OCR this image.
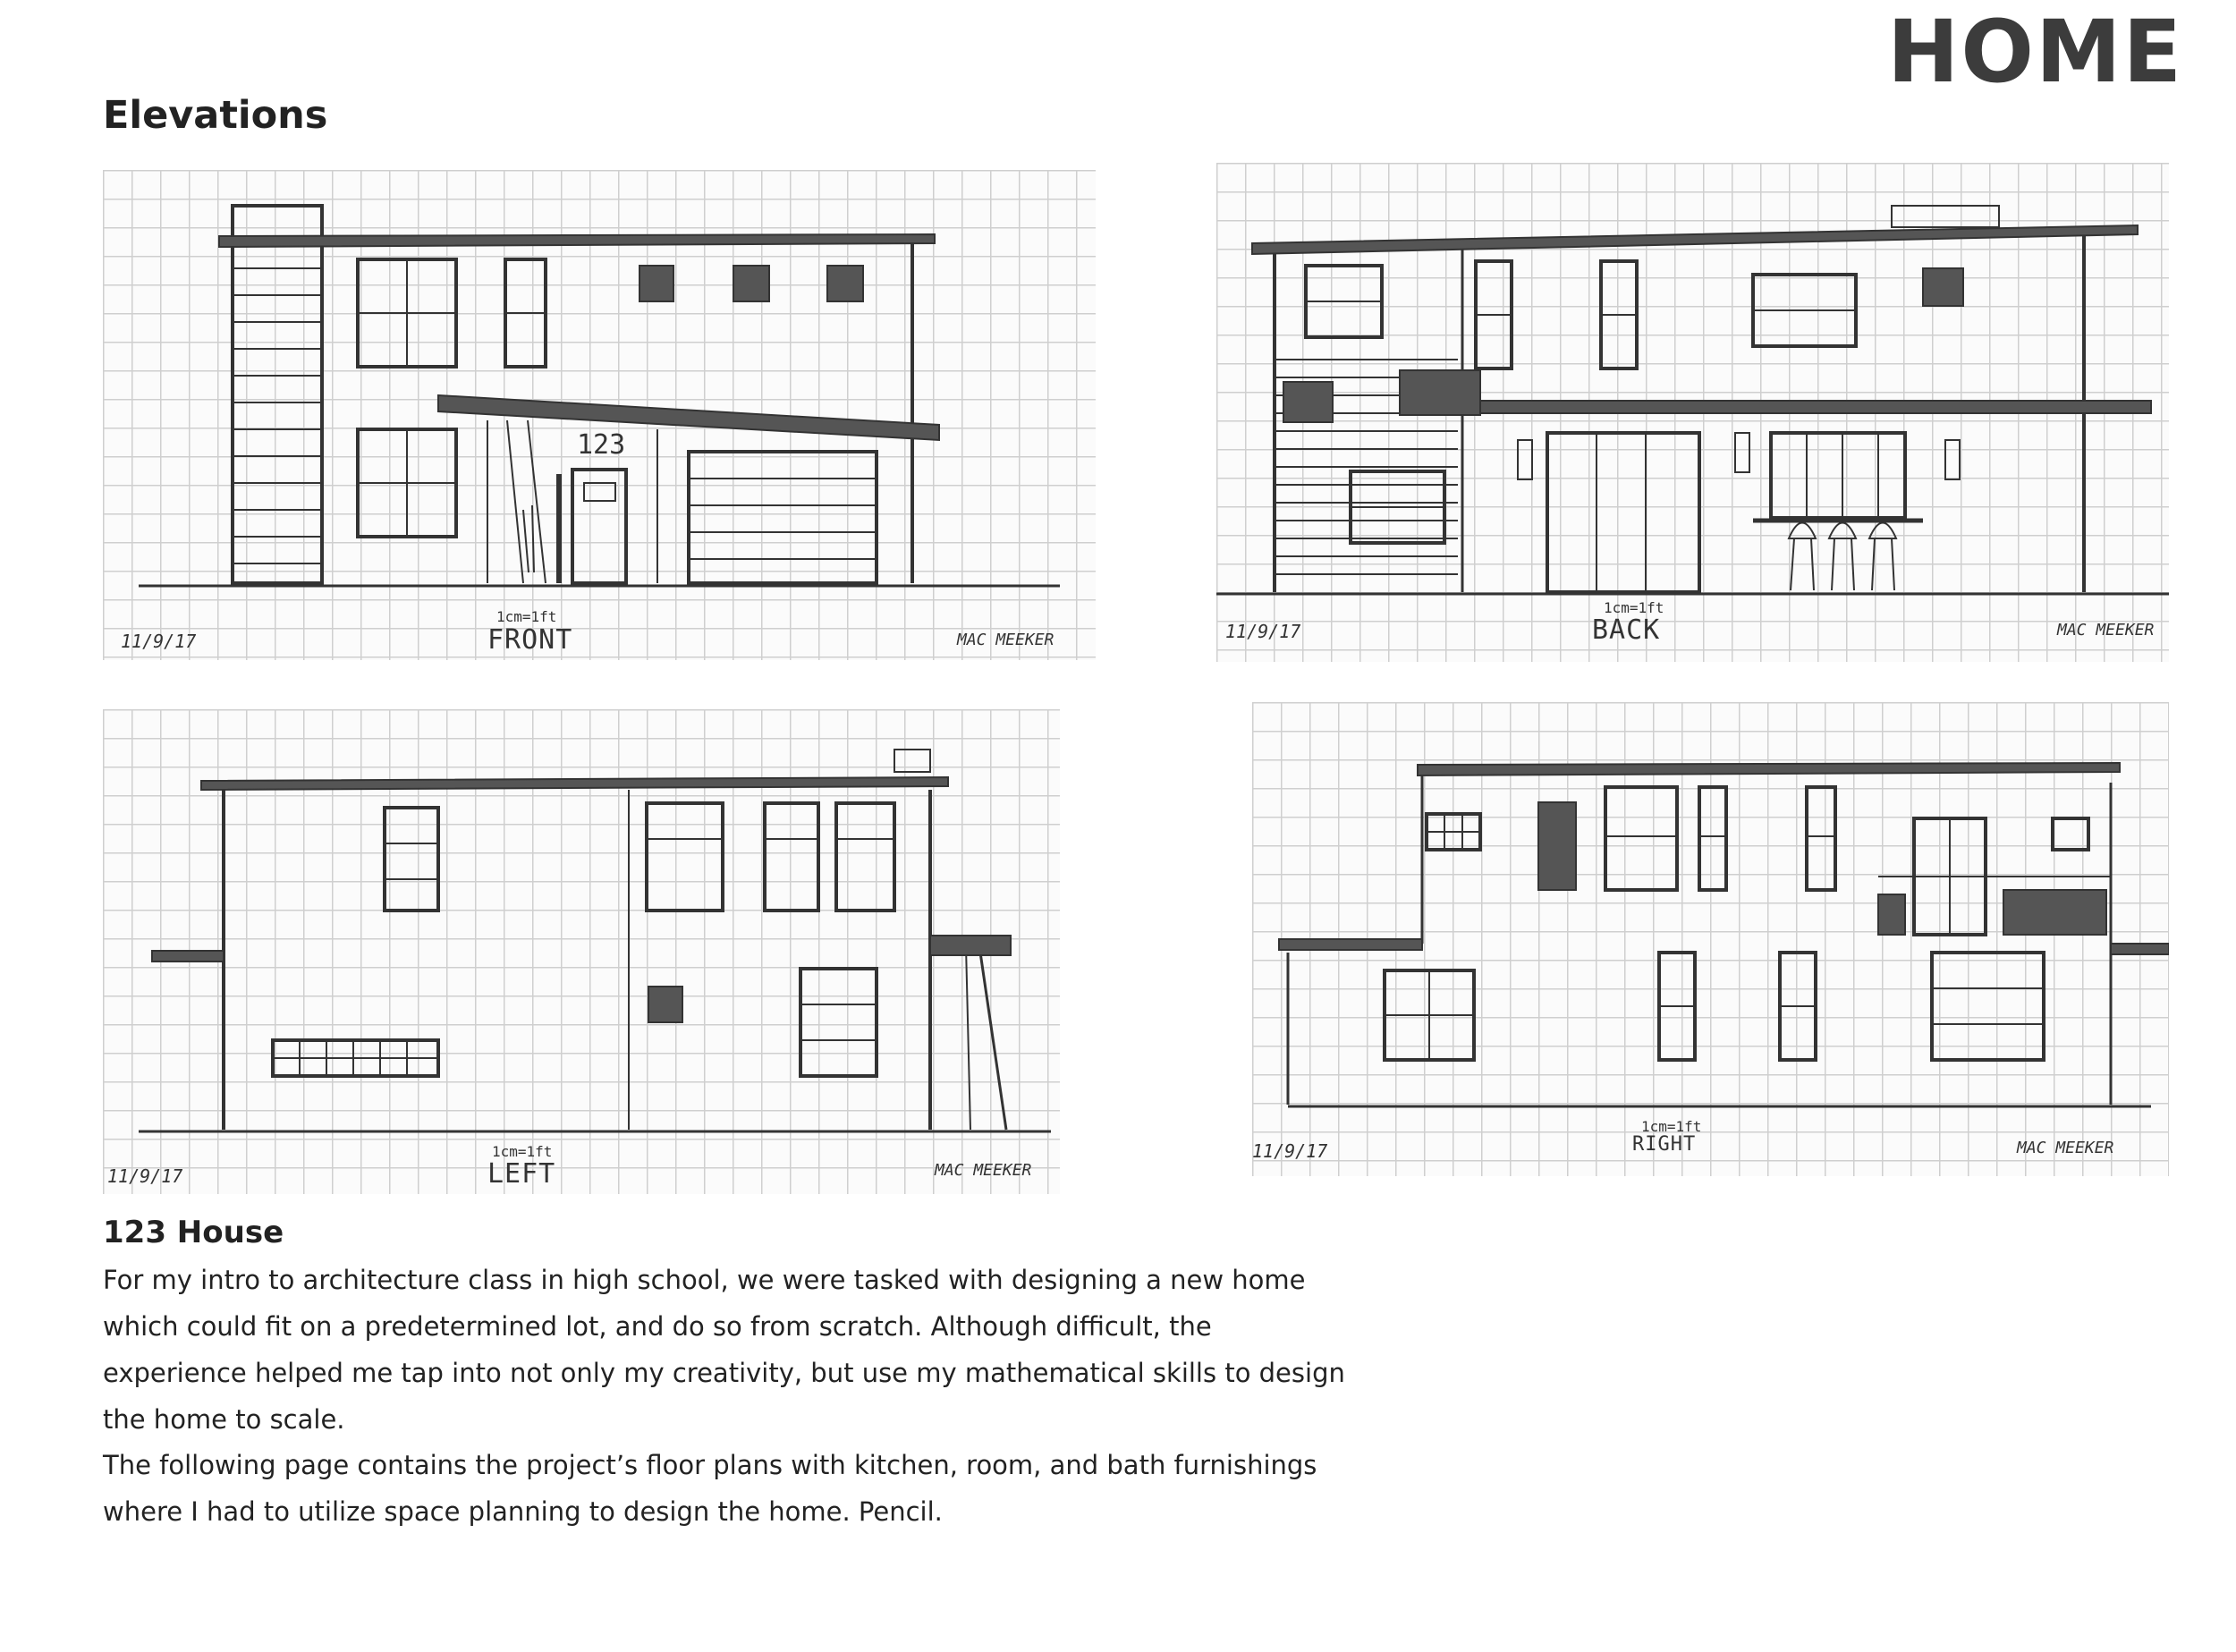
HOME
Elevations
123
1cm=1ft
FRONT
11/9/17	MAC MEEKER
1cm=1ft
BACK
11/9/17	MAC MEEKER
1cm=1ft
LEFT
11/9/17	MAC MEEKER
1cm=1ft
RIGHT
11/9/17	MAC MEEKER
123 House
For my intro to architecture class in high school, we were tasked with designing a new home which could fit on a predetermined lot, and do so from scratch. Although difficult, the experience helped me tap into not only my creativity, but use my mathematical skills to design the home to scale.
The following page contains the project’s floor plans with kitchen, room, and bath furnishings where I had to utilize space planning to design the home. Pencil.
